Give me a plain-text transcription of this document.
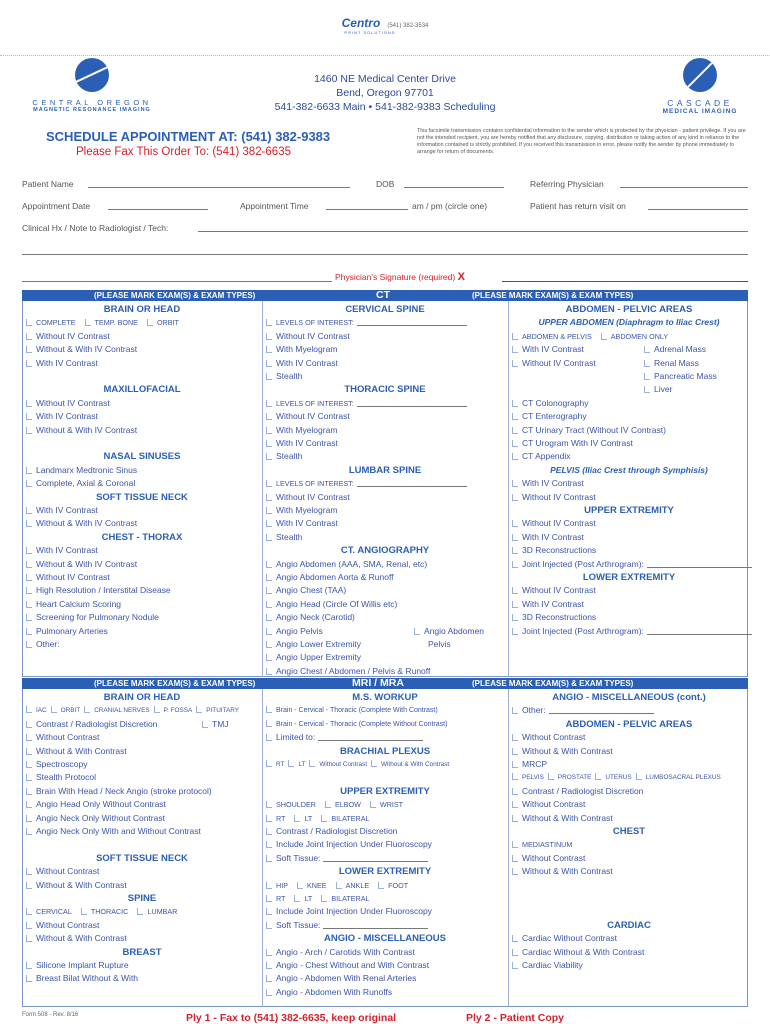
Centro (541) 382-3534
PRINT SOLUTIONS
CENTRAL OREGON
MAGNETIC RESONANCE IMAGING
1460 NE Medical Center Drive
Bend, Oregon 97701
541-382-6633 Main • 541-382-9383 Scheduling	CASCADE
MEDICAL IMAGING
SCHEDULE APPOINTMENT AT: (541) 382-9383
Please Fax This Order To: (541) 382-6635
This facsimile transmission contains confidential information to the sender which is protected by the physician - patient privilege. If you are not the intended recipient, you are hereby notified that any disclosure, copying, distribution or taking action of any kind in reliance to the information contained is strictly prohibited. If you received this transmission in error, please notify the sender by phone immediately to arrange for return of documents.
Patient Name	DOB	Referring Physician
Appointment Date	Appointment Time	am / pm (circle one)	Patient has return visit on
Clinical Hx / Note to Radiologist / Tech:
Physician's Signature (required) X
(PLEASE MARK EXAM(S) & EXAM TYPES)	CT	(PLEASE MARK EXAM(S) & EXAM TYPES)
BRAIN OR HEAD
COMPLETE	TEMP. BONE	ORBIT
Without IV Contrast
Without & With IV Contrast
With IV Contrast
MAXILLOFACIAL
Without IV Contrast
With IV Contrast
Without & With IV Contrast
NASAL SINUSES
Landmarx Medtronic Sinus
Complete, Axial & Coronal
SOFT TISSUE NECK
With IV Contrast
Without & With IV Contrast
CHEST - THORAX
With IV Contrast
Without & With IV Contrast
Without IV Contrast
High Resolution / Interstital Disease
Heart Calcium Scoring
Screening for Pulmonary Nodule
Pulmonary Arteries
Other:
CERVICAL SPINE
LEVELS OF INTEREST:
Without IV Contrast
With Myelogram
With IV Contrast
Stealth
THORACIC SPINE
LEVELS OF INTEREST:
Without IV Contrast
With Myelogram
With IV Contrast
Stealth
LUMBAR SPINE
LEVELS OF INTEREST:
Without IV Contrast
With Myelogram
With IV Contrast
Stealth
CT. ANGIOGRAPHY
Angio Abdomen (AAA, SMA, Renal, etc)
Angio Abdomen Aorta & Runoff
Angio Chest (TAA)
Angio Head (Circle Of Willis etc)
Angio Neck (Carotid)
Angio Pelvis	Angio Abdomen
Angio Lower Extremity	Pelvis
Angio Upper Extremity
Angio Chest / Abdomen / Pelvis & Runoff
ABDOMEN - PELVIC AREAS
UPPER ABDOMEN (Diaphragm to Iliac Crest)
ABDOMEN & PELVIS	ABDOMEN ONLY
With IV Contrast	Adrenal Mass
Without IV Contrast	Renal Mass
Pancreatic Mass
Liver
CT Colonography
CT Enterography
CT Urinary Tract (Without IV Contrast)
CT Urogram With IV Contrast
CT Appendix
PELVIS (Iliac Crest through Symphisis)
With IV Contrast
Without IV Contrast
UPPER EXTREMITY
Without IV Contrast
With IV Contrast
3D Reconstructions
Joint Injected (Post Arthrogram):
LOWER EXTREMITY
Without IV Contrast
With IV Contrast
3D Reconstructions
Joint Injected (Post Arthrogram):
(PLEASE MARK EXAM(S) & EXAM TYPES)	MRI / MRA	(PLEASE MARK EXAM(S) & EXAM TYPES)
BRAIN OR HEAD
IAC ORBIT CRANIAL NERVES P. FOSSA PITUITARY
Contrast / Radiologist Discretion	TMJ
Without Contrast
Without & With Contrast
Spectroscopy
Stealth Protocol
Brain With Head / Neck Angio (stroke protocol)
Angio Head Only Without Contrast
Angio Neck Only Without Contrast
Angio Neck Only With and Without Contrast
SOFT TISSUE NECK
Without Contrast
Without & With Contrast
SPINE
CERVICAL	THORACIC	LUMBAR
Without Contrast
Without & With Contrast
BREAST
Silicone Implant Rupture
Breast Bilat Without & With
M.S. WORKUP
Brain - Cervical - Thoracic (Complete With Contrast)
Brain - Cervical - Thoracic (Complete Without Contrast)
Limited to:
BRACHIAL PLEXUS
RT LT Without Contrast Without & With Contrast
UPPER EXTREMITY
SHOULDER	ELBOW	WRIST
RT	LT	BILATERAL
Contrast / Radiologist Discretion
Include Joint Injection Under Fluoroscopy
Soft Tissue:
LOWER EXTREMITY
HIP	KNEE	ANKLE	FOOT
RT	LT	BILATERAL
Include Joint Injection Under Fluoroscopy
Soft Tissue:
ANGIO - MISCELLANEOUS
Angio - Arch / Carotids With Contrast
Angio - Chest Without and With Contrast
Angio - Abdomen With Renal Arteries
Angio - Abdomen With Runoffs
ANGIO - MISCELLANEOUS (cont.)
Other:
ABDOMEN - PELVIC AREAS
Without Contrast
Without & With Contrast
MRCP
PELVIS PROSTATE UTERUS LUMBOSACRAL PLEXUS
Contrast / Radiologist Discretion
Without Contrast
Without & With Contrast
CHEST
MEDIASTINUM
Without Contrast
Without & With Contrast
CARDIAC
Cardiac Without Contrast
Cardiac Without & With Contrast
Cardiac Viability
Form 508 - Rev. 8/16	Ply 1 - Fax to (541) 382-6635, keep original	Ply 2 - Patient Copy
